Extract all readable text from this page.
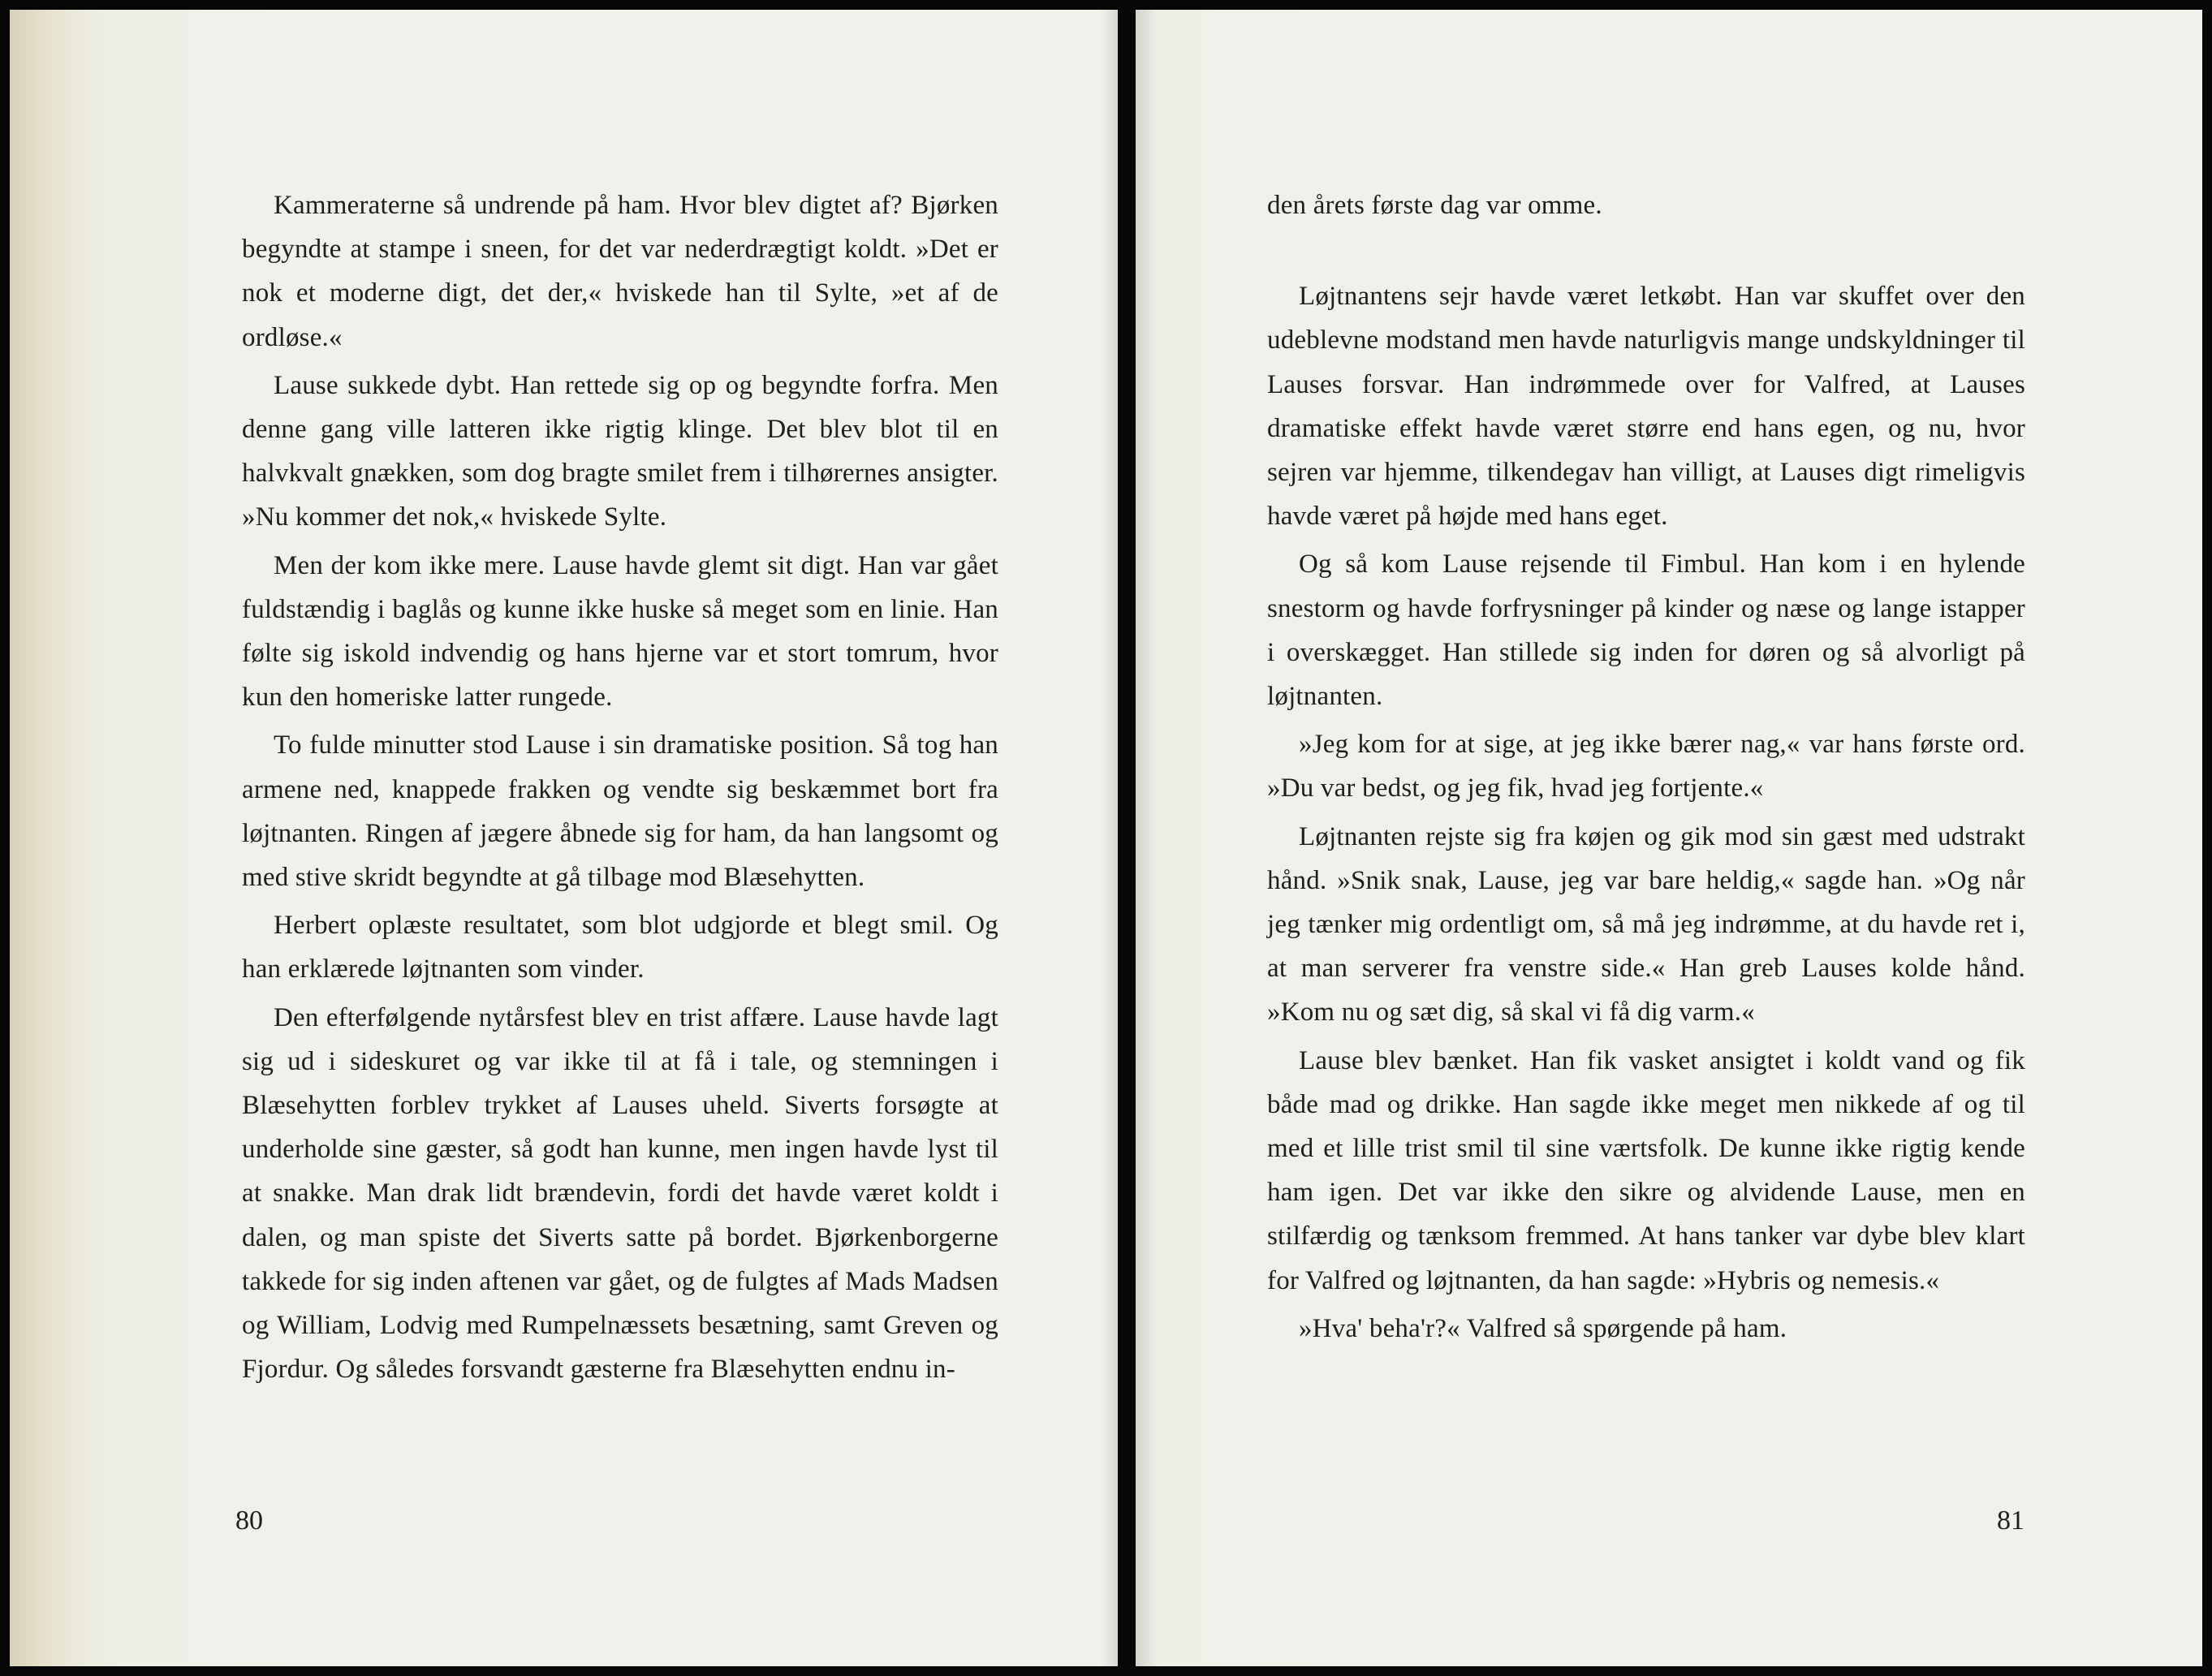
Kammeraterne så undrende på ham. Hvor blev digtet af? Bjørken begyndte at stampe i sneen, for det var nederdrægtigt koldt. »Det er nok et moderne digt, det der,« hviskede han til Sylte, »et af de ordløse.«

Lause sukkede dybt. Han rettede sig op og begyndte forfra. Men denne gang ville latteren ikke rigtig klinge. Det blev blot til en halvkvalt gnækken, som dog bragte smilet frem i tilhørernes ansigter. »Nu kommer det nok,« hviskede Sylte.

Men der kom ikke mere. Lause havde glemt sit digt. Han var gået fuldstændig i baglås og kunne ikke huske så meget som en linie. Han følte sig iskold indvendig og hans hjerne var et stort tomrum, hvor kun den homeriske latter rungede.

To fulde minutter stod Lause i sin dramatiske position. Så tog han armene ned, knappede frakken og vendte sig beskæmmet bort fra løjtnanten. Ringen af jægere åbnede sig for ham, da han langsomt og med stive skridt begyndte at gå tilbage mod Blæsehytten.

Herbert oplæste resultatet, som blot udgjorde et blegt smil. Og han erklærede løjtnanten som vinder.

Den efterfølgende nytårsfest blev en trist affære. Lause havde lagt sig ud i sideskuret og var ikke til at få i tale, og stemningen i Blæsehytten forblev trykket af Lauses uheld. Siverts forsøgte at underholde sine gæster, så godt han kunne, men ingen havde lyst til at snakke. Man drak lidt brændevin, fordi det havde været koldt i dalen, og man spiste det Siverts satte på bordet. Bjørkenborgerne takkede for sig inden aftenen var gået, og de fulgtes af Mads Madsen og William, Lodvig med Rumpelnæssets besætning, samt Greven og Fjordur. Og således forsvandt gæsterne fra Blæsehytten endnu in-

80

den årets første dag var omme.

Løjtnantens sejr havde været letkøbt. Han var skuffet over den udeblevne modstand men havde naturligvis mange undskyldninger til Lauses forsvar. Han indrømmede over for Valfred, at Lauses dramatiske effekt havde været større end hans egen, og nu, hvor sejren var hjemme, tilkendegav han villigt, at Lauses digt rimeligvis havde været på højde med hans eget.

Og så kom Lause rejsende til Fimbul. Han kom i en hylende snestorm og havde forfrysninger på kinder og næse og lange istapper i overskægget. Han stillede sig inden for døren og så alvorligt på løjtnanten.

»Jeg kom for at sige, at jeg ikke bærer nag,« var hans første ord. »Du var bedst, og jeg fik, hvad jeg fortjente.«

Løjtnanten rejste sig fra køjen og gik mod sin gæst med udstrakt hånd. »Snik snak, Lause, jeg var bare heldig,« sagde han. »Og når jeg tænker mig ordentligt om, så må jeg indrømme, at du havde ret i, at man serverer fra venstre side.« Han greb Lauses kolde hånd. »Kom nu og sæt dig, så skal vi få dig varm.«

Lause blev bænket. Han fik vasket ansigtet i koldt vand og fik både mad og drikke. Han sagde ikke meget men nikkede af og til med et lille trist smil til sine værtsfolk. De kunne ikke rigtig kende ham igen. Det var ikke den sikre og alvidende Lause, men en stilfærdig og tænksom fremmed. At hans tanker var dybe blev klart for Valfred og løjtnanten, da han sagde: »Hybris og nemesis.«

»Hva' beha'r?« Valfred så spørgende på ham.

81
